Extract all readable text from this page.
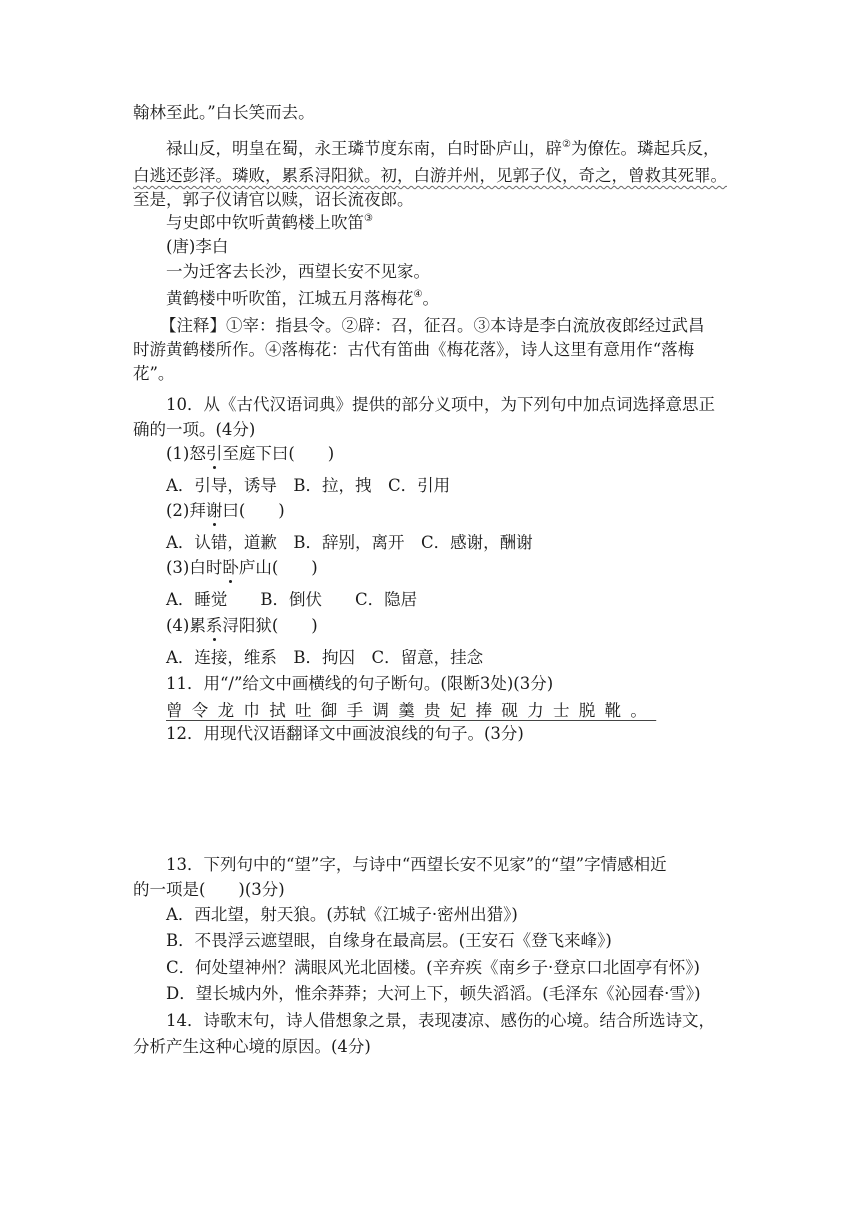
翰林至此。”白长笑而去。
禄山反，明皇在蜀，永王璘节度东南，白时卧庐山，辟②为僚佐。璘起兵反，
白逃还彭泽。璘败，累系浔阳狱。初，白游并州，见郭子仪，奇之，曾救其死罪。
至是，郭子仪请官以赎，诏长流夜郎。
与史郎中钦听黄鹤楼上吹笛③
(唐)李白
一为迁客去长沙，西望长安不见家。
黄鹤楼中听吹笛，江城五月落梅花④。
【注释】①宰：指县令。②辟：召，征召。③本诗是李白流放夜郎经过武昌
时游黄鹤楼所作。④落梅花：古代有笛曲《梅花落》，诗人这里有意用作“落梅
花”。
10．从《古代汉语词典》提供的部分义项中，为下列句中加点词选择意思正
确的一项。(4分)
(1)怒引至庭下曰(　　)
A．引导，诱导　B．拉，拽　C．引用
(2)拜谢曰(　　)
A．认错，道歉　B．辞别，离开　C．感谢，酬谢
(3)白时卧庐山(　　)
A．睡觉　　B．倒伏　　C．隐居
(4)累系浔阳狱(　　)
A．连接，维系　B．拘囚　C．留意，挂念
11．用“/”给文中画横线的句子断句。(限断3处)(3分)
曾令龙巾拭吐御手调羹贵妃捧砚力士脱靴。
12．用现代汉语翻译文中画波浪线的句子。(3分)
13．下列句中的“望”字，与诗中“西望长安不见家”的“望”字情感相近
的一项是(　　)(3分)
A．西北望，射天狼。(苏轼《江城子·密州出猎》)
B．不畏浮云遮望眼，自缘身在最高层。(王安石《登飞来峰》)
C．何处望神州？满眼风光北固楼。(辛弃疾《南乡子·登京口北固亭有怀》)
D．望长城内外，惟余莽莽；大河上下，顿失滔滔。(毛泽东《沁园春·雪》)
14．诗歌末句，诗人借想象之景，表现凄凉、感伤的心境。结合所选诗文，
分析产生这种心境的原因。(4分)
